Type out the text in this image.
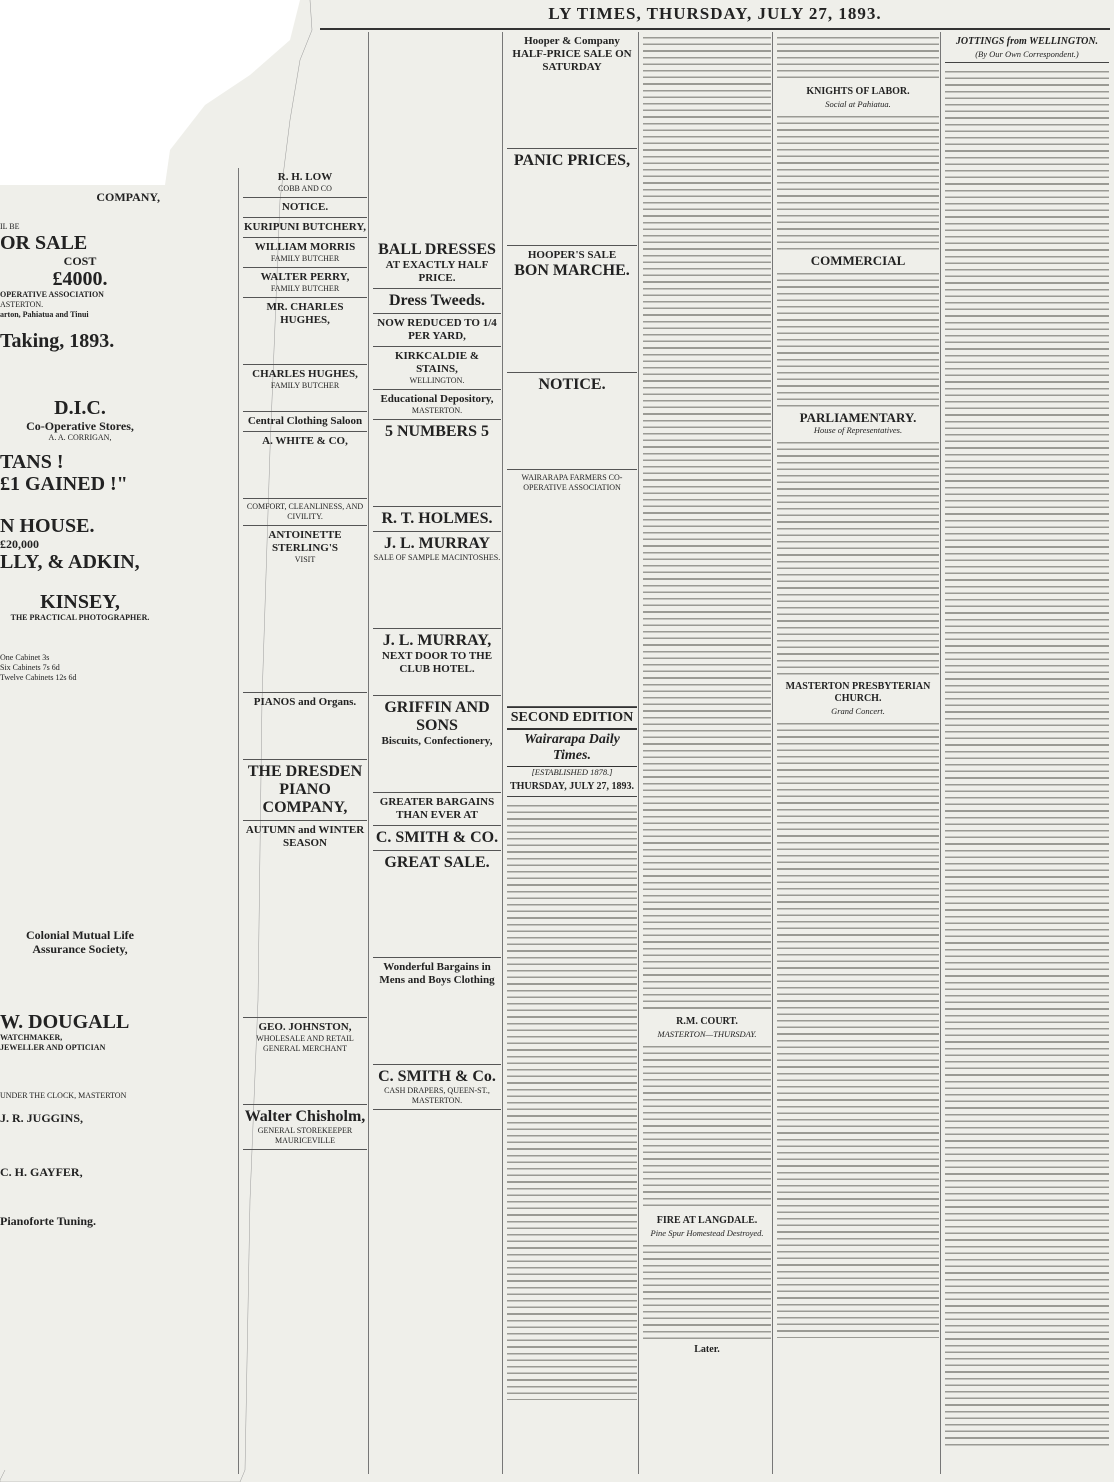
LY TIMES, THURSDAY, JULY 27, 1893.
COMPANY,
IL BE
OR SALE
COST
£4000.
OPERATIVE ASSOCIATION
ASTERTON.
arton, Pahiatua and Tinui
Taking, 1893.
D.I.C.
Co-Operative Stores,
A. A. CORRIGAN,
TANS !
£1 GAINED !"
N HOUSE.
£20,000
LLY, & ADKIN,
KINSEY,
THE PRACTICAL PHOTOGRAPHER.
One Cabinet 3s
Six Cabinets 7s 6d
Twelve Cabinets 12s 6d
Colonial Mutual Life Assurance Society,
W. DOUGALL
WATCHMAKER,
JEWELLER AND OPTICIAN
UNDER THE CLOCK, MASTERTON
J. R. JUGGINS,
C. H. GAYFER,
Pianoforte Tuning.
R. H. LOW
COBB AND CO
NOTICE.
KURIPUNI BUTCHERY,
WILLIAM MORRIS
FAMILY BUTCHER
WALTER PERRY,
FAMILY BUTCHER
MR. CHARLES HUGHES,
CHARLES HUGHES,
FAMILY BUTCHER
Central Clothing Saloon
A. WHITE & CO,
COMFORT, CLEANLINESS, AND CIVILITY.
ANTOINETTE STERLING'S
VISIT
PIANOS and Organs.
THE DRESDEN PIANO COMPANY,
AUTUMN and WINTER SEASON
GEO. JOHNSTON,
WHOLESALE AND RETAIL GENERAL MERCHANT
Walter Chisholm,
GENERAL STOREKEEPER MAURICEVILLE
BALL DRESSES
AT EXACTLY HALF PRICE.
Dress Tweeds.
NOW REDUCED TO 1/4 PER YARD,
KIRKCALDIE & STAINS,
WELLINGTON.
Educational Depository,
MASTERTON.
5 NUMBERS 5
R. T. HOLMES.
J. L. MURRAY
SALE OF SAMPLE MACINTOSHES.
J. L. MURRAY,
NEXT DOOR TO THE CLUB HOTEL.
GRIFFIN AND SONS
Biscuits, Confectionery,
GREATER BARGAINS THAN EVER AT
C. SMITH & CO.
GREAT SALE.
Wonderful Bargains in Mens and Boys Clothing
C. SMITH & Co.
CASH DRAPERS, QUEEN-ST., MASTERTON.
Hooper & Company
HALF-PRICE SALE ON SATURDAY
PANIC PRICES,
HOOPER'S SALE
BON MARCHE.
NOTICE.
WAIRARAPA FARMERS CO-OPERATIVE ASSOCIATION
SECOND EDITION
Wairarapa Daily Times.
[ESTABLISHED 1878.]
THURSDAY, JULY 27, 1893.
R.M. COURT.
MASTERTON—THURSDAY.
FIRE AT LANGDALE.
Pine Spur Homestead Destroyed.
Later.
KNIGHTS OF LABOR.
Social at Pahiatua.
COMMERCIAL
PARLIAMENTARY.
House of Representatives.
MASTERTON PRESBYTERIAN CHURCH.
Grand Concert.
JOTTINGS from WELLINGTON.
(By Our Own Correspondent.)
